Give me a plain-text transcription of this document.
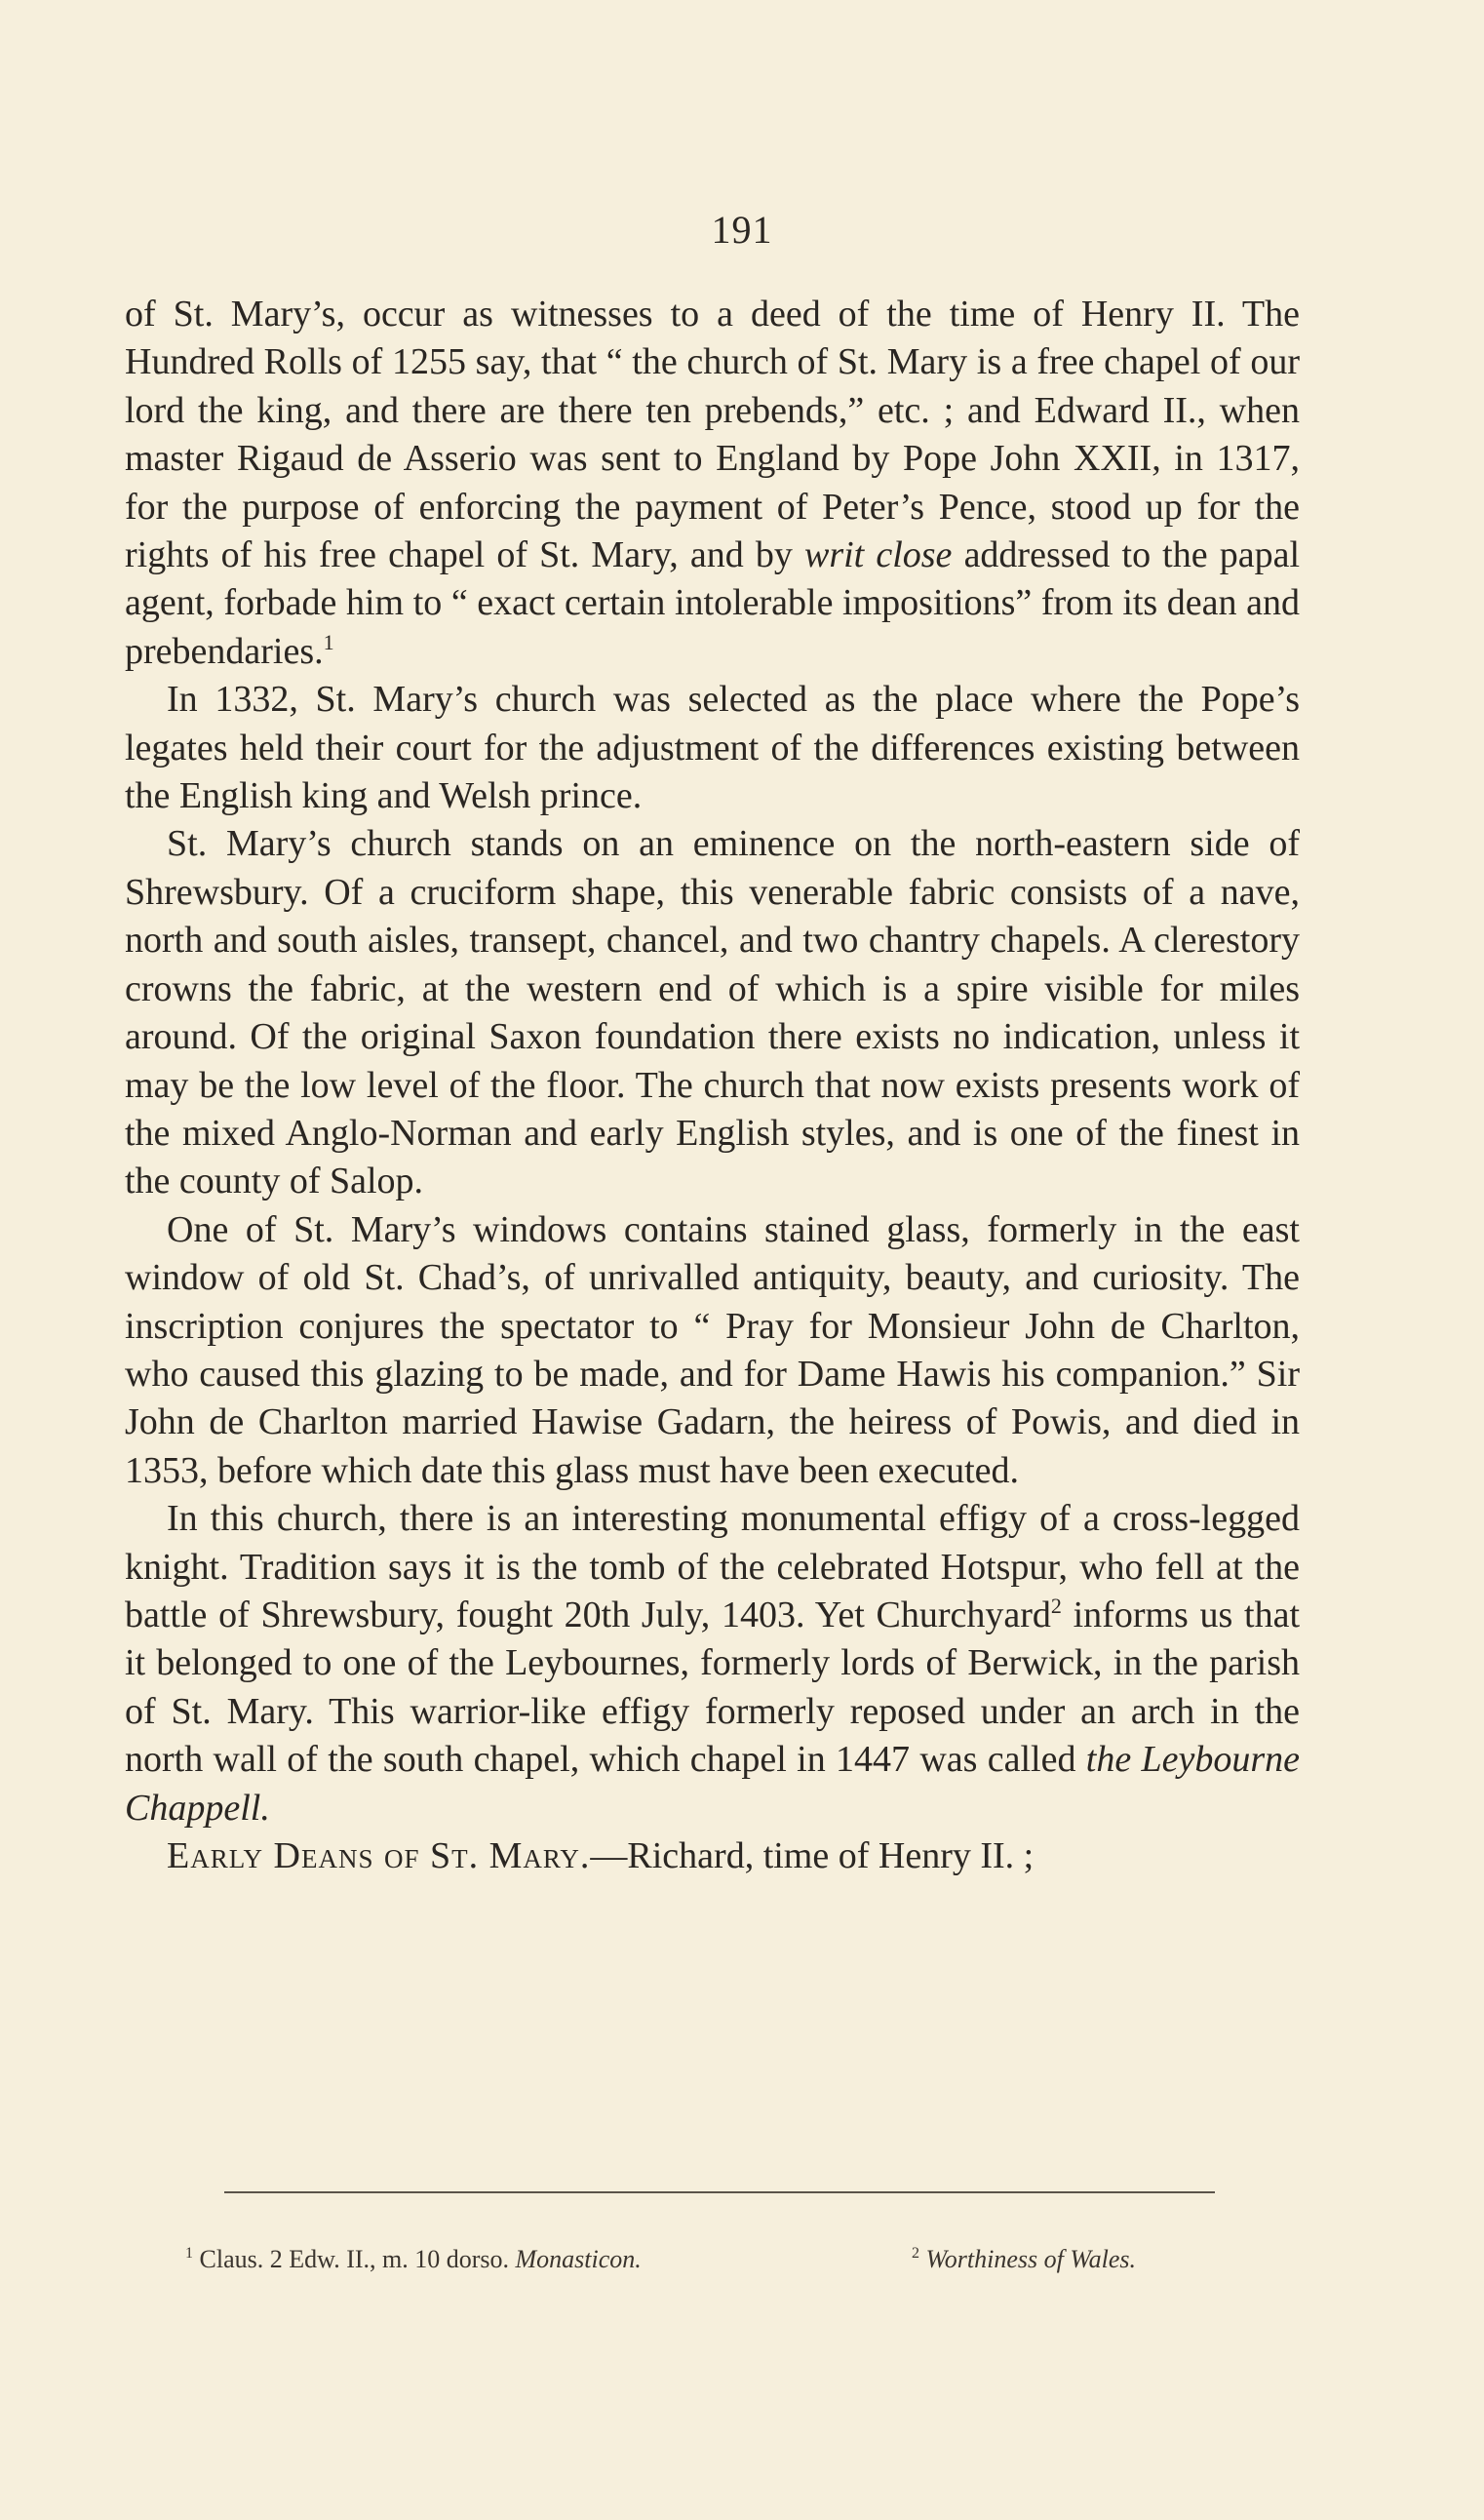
191

of St. Mary’s, occur as witnesses to a deed of the time of Henry II. The Hundred Rolls of 1255 say, that “ the church of St. Mary is a free chapel of our lord the king, and there are there ten prebends,” etc. ; and Edward II., when master Rigaud de Asserio was sent to England by Pope John XXII, in 1317, for the purpose of enforcing the payment of Peter’s Pence, stood up for the rights of his free chapel of St. Mary, and by writ close addressed to the papal agent, forbade him to “ exact certain intolerable impositions” from its dean and prebendaries.$^1$

In 1332, St. Mary’s church was selected as the place where the Pope’s legates held their court for the adjustment of the differences existing between the English king and Welsh prince.

St. Mary’s church stands on an eminence on the north-eastern side of Shrewsbury. Of a cruciform shape, this venerable fabric consists of a nave, north and south aisles, transept, chancel, and two chantry chapels. A clerestory crowns the fabric, at the western end of which is a spire visible for miles around. Of the original Saxon foundation there exists no indication, unless it may be the low level of the floor. The church that now exists presents work of the mixed Anglo-Norman and early English styles, and is one of the finest in the county of Salop.

One of St. Mary’s windows contains stained glass, formerly in the east window of old St. Chad’s, of unrivalled antiquity, beauty, and curiosity. The inscription conjures the spectator to “ Pray for Monsieur John de Charlton, who caused this glazing to be made, and for Dame Hawis his companion.” Sir John de Charlton married Hawise Gadarn, the heiress of Powis, and died in 1353, before which date this glass must have been executed.

In this church, there is an interesting monumental effigy of a cross-legged knight. Tradition says it is the tomb of the celebrated Hotspur, who fell at the battle of Shrewsbury, fought 20th July, 1403. Yet Churchyard$^2$ informs us that it belonged to one of the Leybournes, formerly lords of Berwick, in the parish of St. Mary. This warrior-like effigy formerly reposed under an arch in the north wall of the south chapel, which chapel in 1447 was called the Leybourne Chappell.

Early Deans of St. Mary.—Richard, time of Henry II. ;

$^1$ Claus. 2 Edw. II., m. 10 dorso. Monasticon.	$^2$ Worthiness of Wales.
